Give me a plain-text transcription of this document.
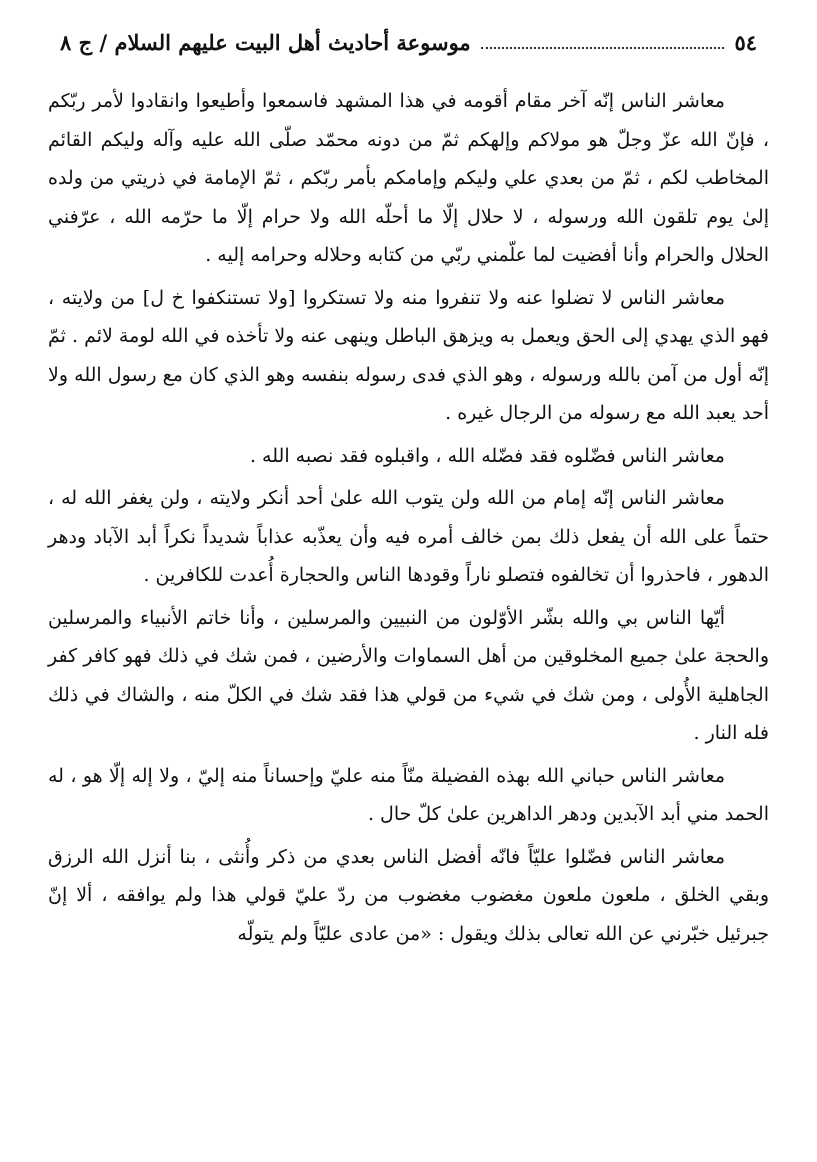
٥٤
موسوعة أحاديث أهل البيت عليهم السلام / ج ٨

معاشر الناس إنّه آخر مقام أقومه في هذا المشهد فاسمعوا وأطيعوا وانقادوا لأمر ربّكم ، فإنّ الله عزّ وجلّ هو مولاكم وإلهكم ثمّ من دونه محمّد صلّى الله عليه وآله وليكم القائم المخاطب لكم ، ثمّ من بعدي علي وليكم وإمامكم بأمر ربّكم ، ثمّ الإمامة في ذريتي من ولده إلىٰ يوم تلقون الله ورسوله ، لا حلال إلّا ما أحلّه الله ولا حرام إلّا ما حرّمه الله ، عرّفني الحلال والحرام وأنا أفضيت لما علّمني ربّي من كتابه وحلاله وحرامه إليه .

معاشر الناس لا تضلوا عنه ولا تنفروا منه ولا تستكروا [ولا تستنكفوا خ ل] من ولايته ، فهو الذي يهدي إلى الحق ويعمل به ويزهق الباطل وينهى عنه ولا تأخذه في الله لومة لائم . ثمّ إنّه أول من آمن بالله ورسوله ، وهو الذي فدى رسوله بنفسه وهو الذي كان مع رسول الله ولا أحد يعبد الله مع رسوله من الرجال غيره .

معاشر الناس فضّلوه فقد فضّله الله ، واقبلوه فقد نصبه الله .

معاشر الناس إنّه إمام من الله ولن يتوب الله علىٰ أحد أنكر ولايته ، ولن يغفر الله له ، حتماً على الله أن يفعل ذلك بمن خالف أمره فيه وأن يعذّبه عذاباً شديداً نكراً أبد الآباد ودهر الدهور ، فاحذروا أن تخالفوه فتصلو ناراً وقودها الناس والحجارة أُعدت للكافرين .

أيّها الناس بي والله بشّر الأوّلون من النبيين والمرسلين ، وأنا خاتم الأنبياء والمرسلين والحجة علىٰ جميع المخلوقين من أهل السماوات والأرضين ، فمن شك في ذلك فهو كافر كفر الجاهلية الأُولى ، ومن شك في شيء من قولي هذا فقد شك في الكلّ منه ، والشاك في ذلك فله النار .

معاشر الناس حباني الله بهذه الفضيلة منّاً منه عليّ وإحساناً منه إليّ ، ولا إله إلّا هو ، له الحمد مني أبد الآبدين ودهر الداهرين علىٰ كلّ حال .

معاشر الناس فضّلوا عليّاً فانّه أفضل الناس بعدي من ذكر وأُنثى ، بنا أنزل الله الرزق وبقي الخلق ، ملعون ملعون مغضوب مغضوب من ردّ عليّ قولي هذا ولم يوافقه ، ألا إنّ جبرئيل خبّرني عن الله تعالى بذلك ويقول : «من عادى عليّاً ولم يتولّه
